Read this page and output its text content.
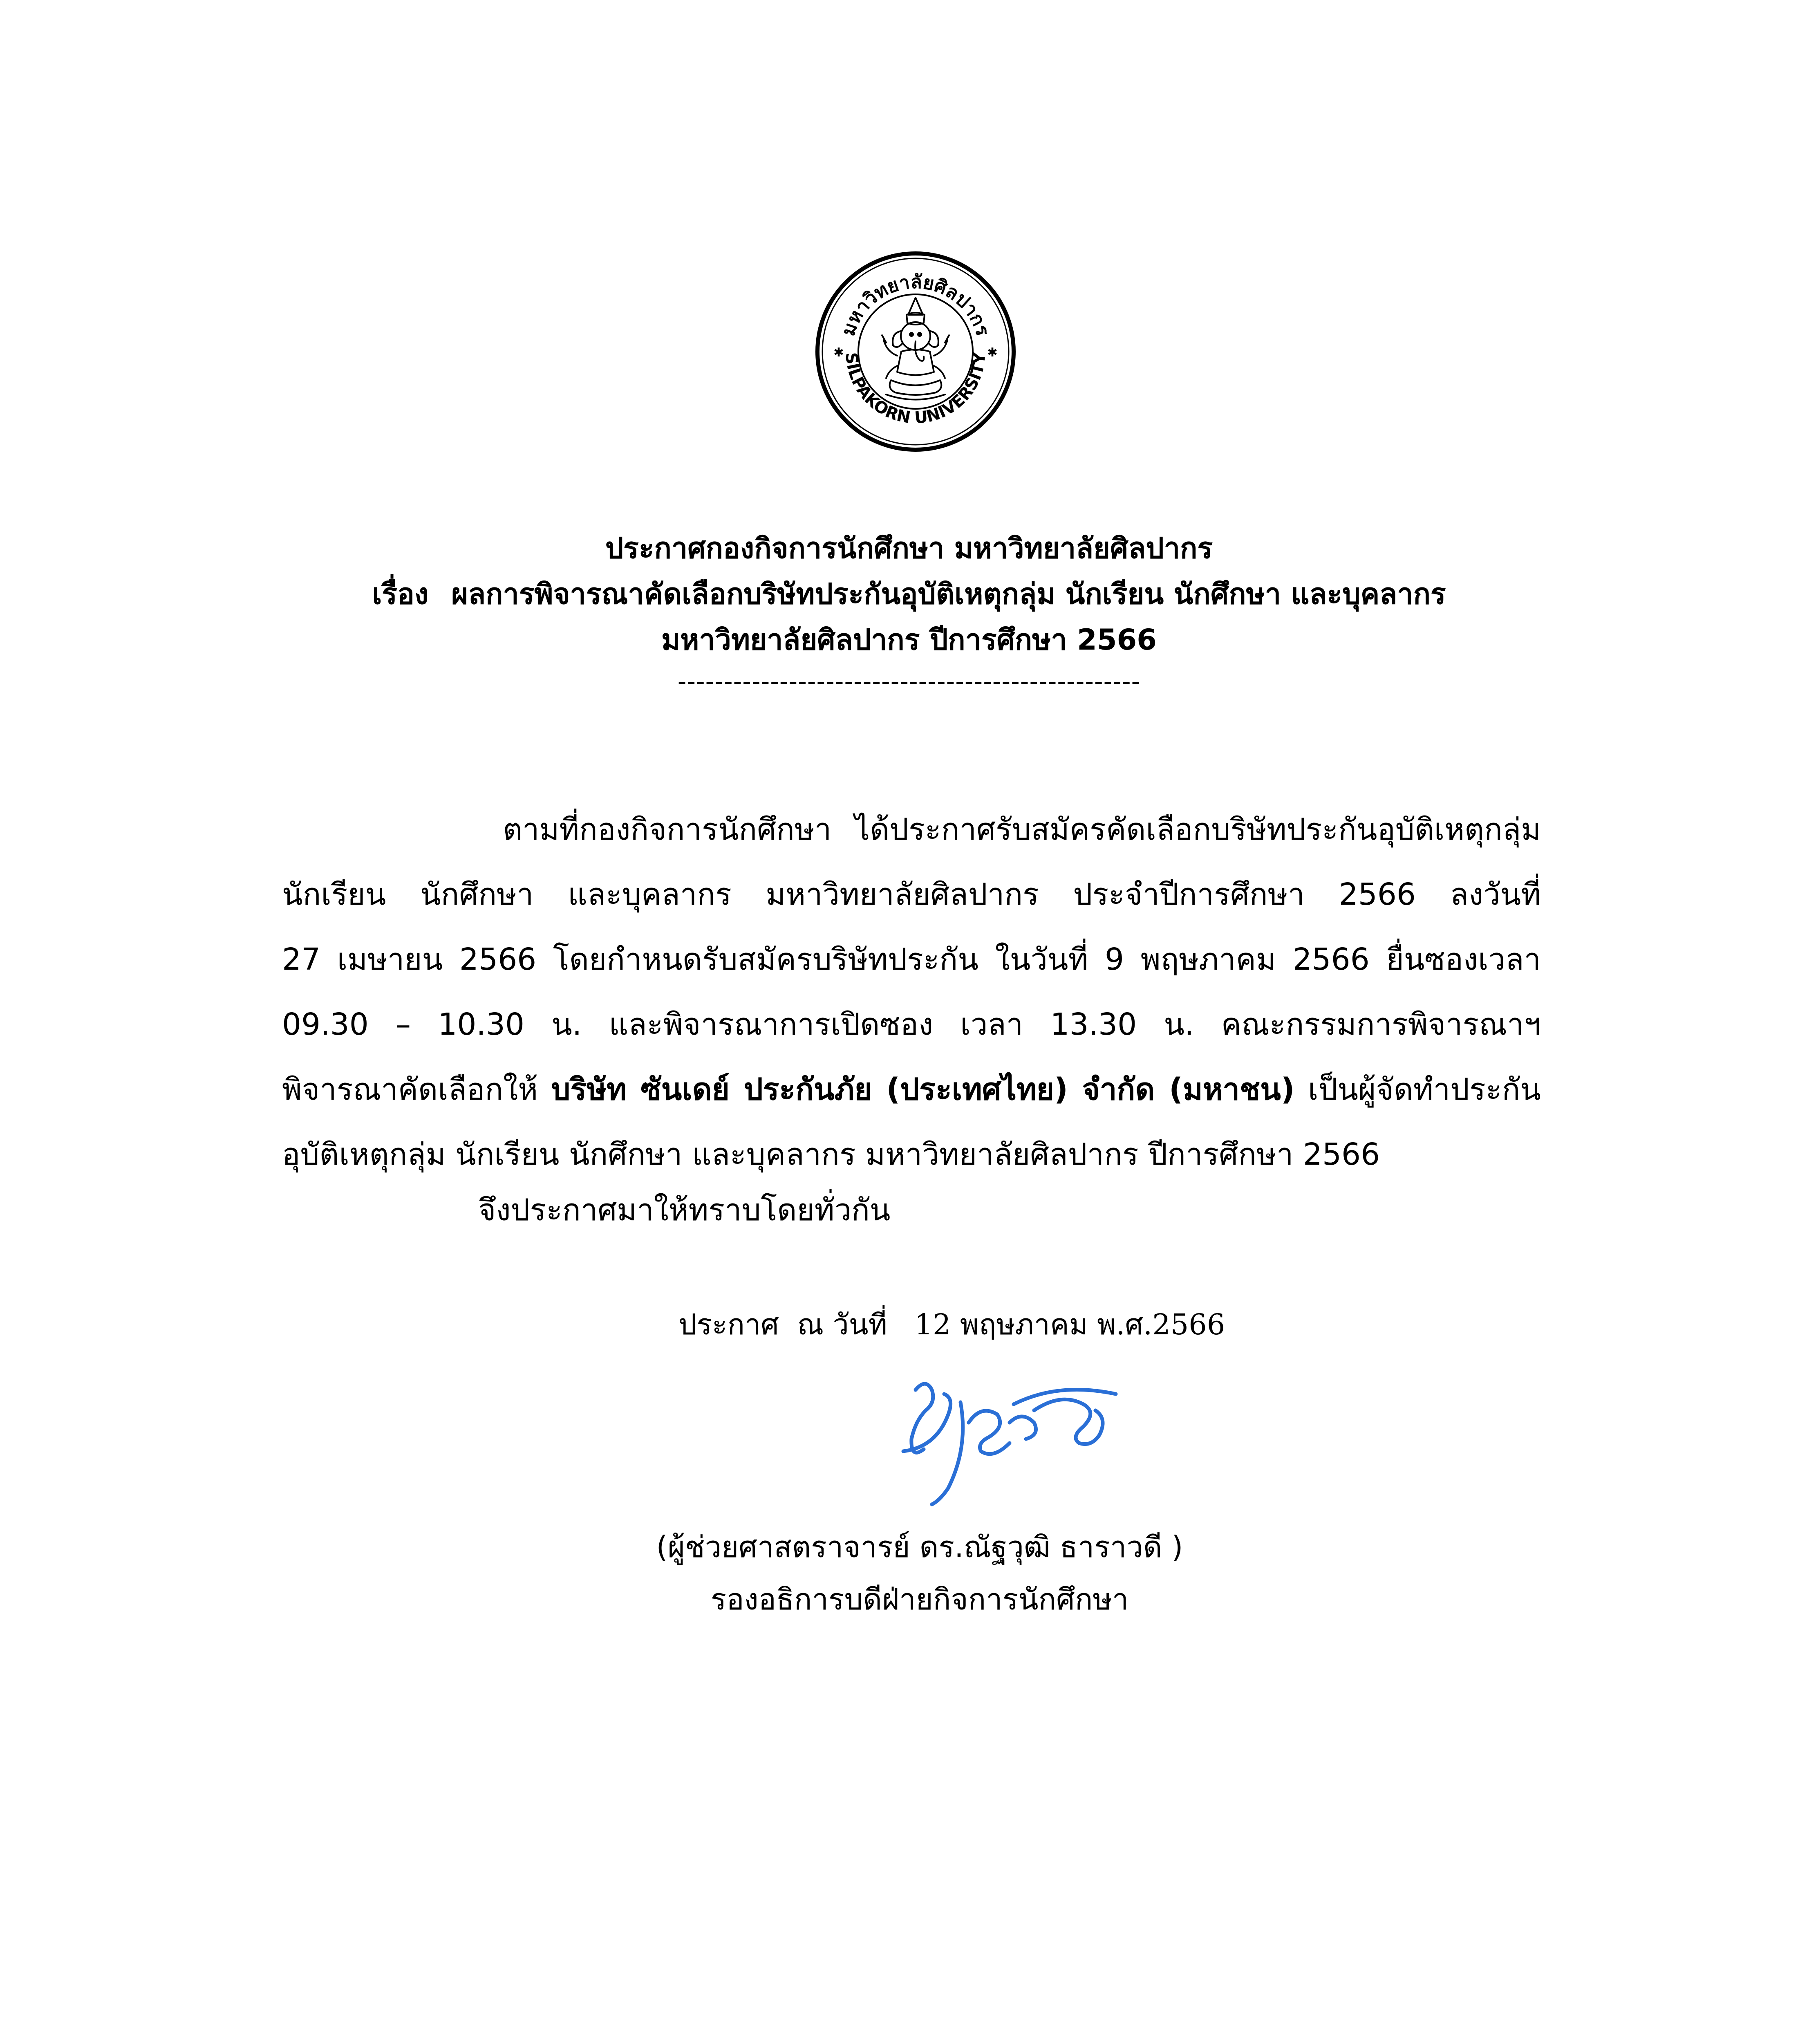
มหาวิทยาลัยศิลปากร
SILPAKORN UNIVERSITY
✱	✱
ประกาศกองกิจการนักศึกษา มหาวิทยาลัยศิลปากร
เรื่อง ผลการพิจารณาคัดเลือกบริษัทประกันอุบัติเหตุกลุ่ม นักเรียน นักศึกษา และบุคลากร
มหาวิทยาลัยศิลปากร ปีการศึกษา 2566
--------------------------------------------------
ตามที่กองกิจการนักศึกษา ได้ประกาศรับสมัครคัดเลือกบริษัทประกันอุบัติเหตุกลุ่ม
นักเรียน นักศึกษา และบุคลากร มหาวิทยาลัยศิลปากร ประจำปีการศึกษา 2566 ลงวันที่
27 เมษายน 2566 โดยกำหนดรับสมัครบริษัทประกัน ในวันที่ 9 พฤษภาคม 2566 ยื่นซองเวลา
09.30 – 10.30 น. และพิจารณาการเปิดซอง เวลา 13.30 น. คณะกรรมการพิจารณาฯ
พิจารณาคัดเลือกให้ บริษัท ซันเดย์ ประกันภัย (ประเทศไทย) จำกัด (มหาชน) เป็นผู้จัดทำประกัน
อุบัติเหตุกลุ่ม นักเรียน นักศึกษา และบุคลากร มหาวิทยาลัยศิลปากร ปีการศึกษา 2566
จึงประกาศมาให้ทราบโดยทั่วกัน
ประกาศ  ณ วันที่   12 พฤษภาคม พ.ศ.2566
(ผู้ช่วยศาสตราจารย์ ดร.ณัฐวุฒิ ธาราวดี )
รองอธิการบดีฝ่ายกิจการนักศึกษา
